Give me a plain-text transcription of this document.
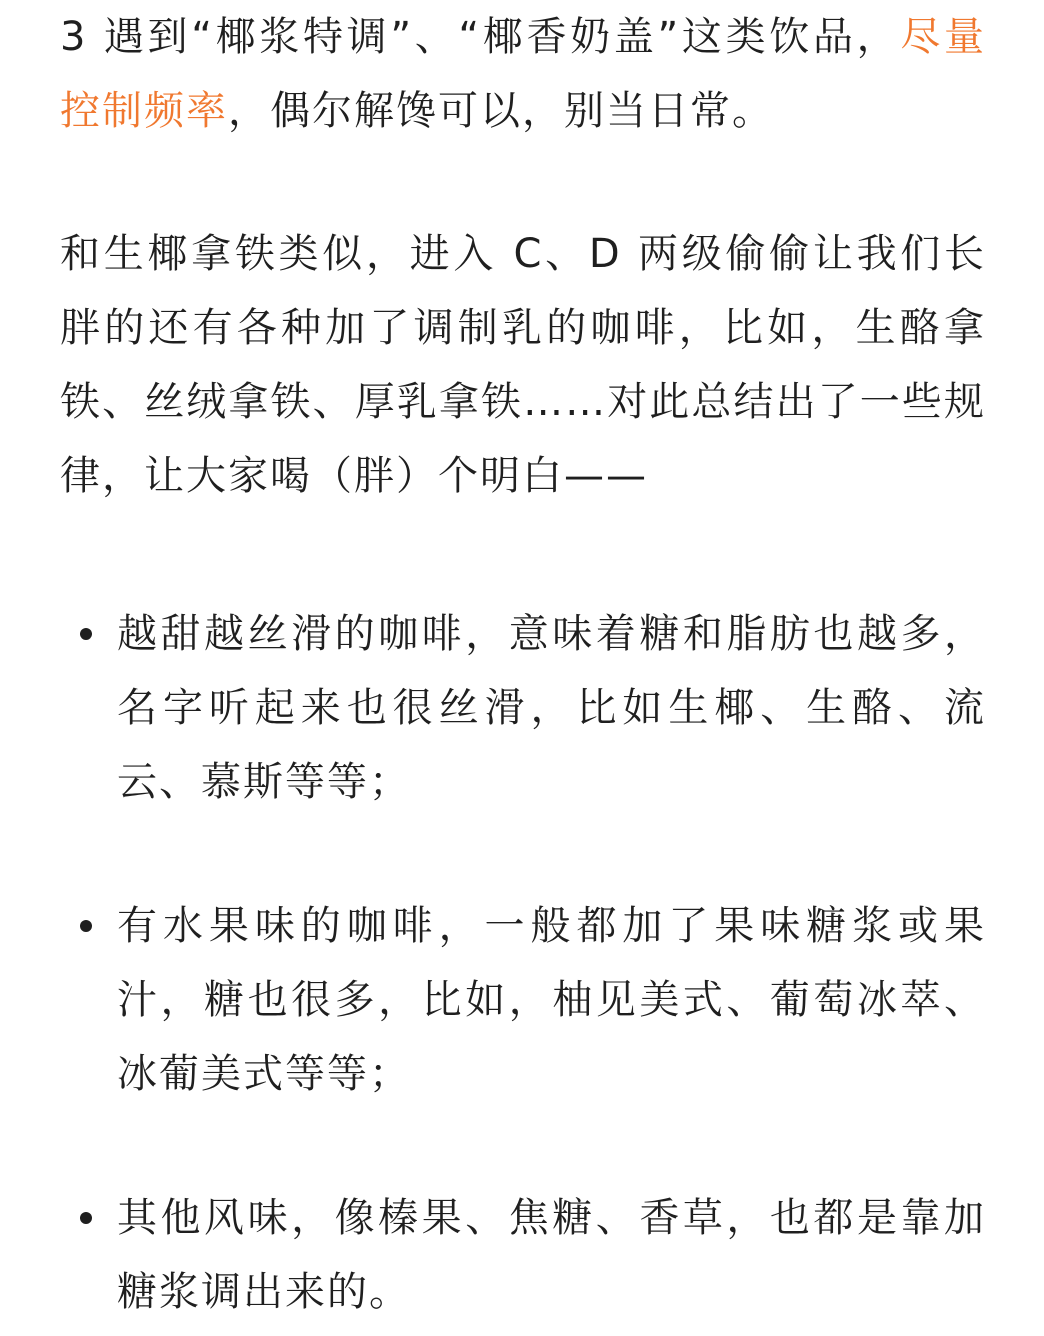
3 遇到“椰浆特调”、“椰香奶盖”这类饮品，尽量控制频率，偶尔解馋可以，别当日常。

和生椰拿铁类似，进入 C、D 两级偷偷让我们长胖的还有各种加了调制乳的咖啡，比如，生酪拿铁、丝绒拿铁、厚乳拿铁……对此总结出了一些规律，让大家喝（胖）个明白——

越甜越丝滑的咖啡，意味着糖和脂肪也越多，名字听起来也很丝滑，比如生椰、生酪、流云、慕斯等等；
有水果味的咖啡，一般都加了果味糖浆或果汁，糖也很多，比如，柚见美式、葡萄冰萃、冰葡美式等等；
其他风味，像榛果、焦糖、香草，也都是靠加糖浆调出来的。
